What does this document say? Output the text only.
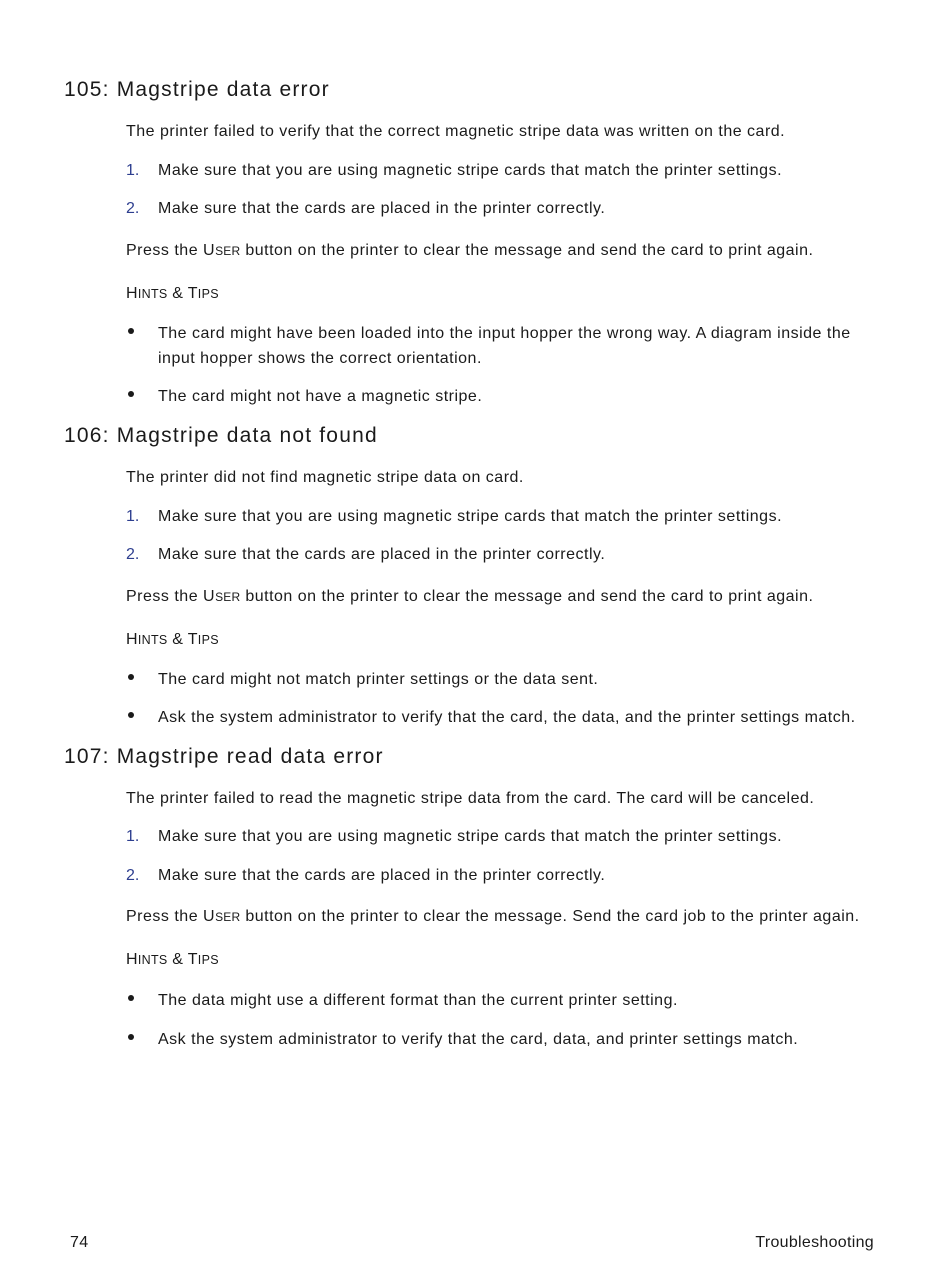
105: Magstripe data error

The printer failed to verify that the correct magnetic stripe data was written on the card.

1. Make sure that you are using magnetic stripe cards that match the printer settings.
2. Make sure that the cards are placed in the printer correctly.

Press the USER button on the printer to clear the message and send the card to print again.

HINTS & TIPS
The card might have been loaded into the input hopper the wrong way. A diagram inside the
input hopper shows the correct orientation.
The card might not have a magnetic stripe.
106: Magstripe data not found

The printer did not find magnetic stripe data on card.

1. Make sure that you are using magnetic stripe cards that match the printer settings.
2. Make sure that the cards are placed in the printer correctly.

Press the USER button on the printer to clear the message and send the card to print again.

HINTS & TIPS
The card might not match printer settings or the data sent.
Ask the system administrator to verify that the card, the data, and the printer settings match.
107: Magstripe read data error

The printer failed to read the magnetic stripe data from the card. The card will be canceled.

1. Make sure that you are using magnetic stripe cards that match the printer settings.
2. Make sure that the cards are placed in the printer correctly.

Press the USER button on the printer to clear the message. Send the card job to the printer again.

HINTS & TIPS
The data might use a different format than the current printer setting.
Ask the system administrator to verify that the card, data, and printer settings match.
74	Troubleshooting
